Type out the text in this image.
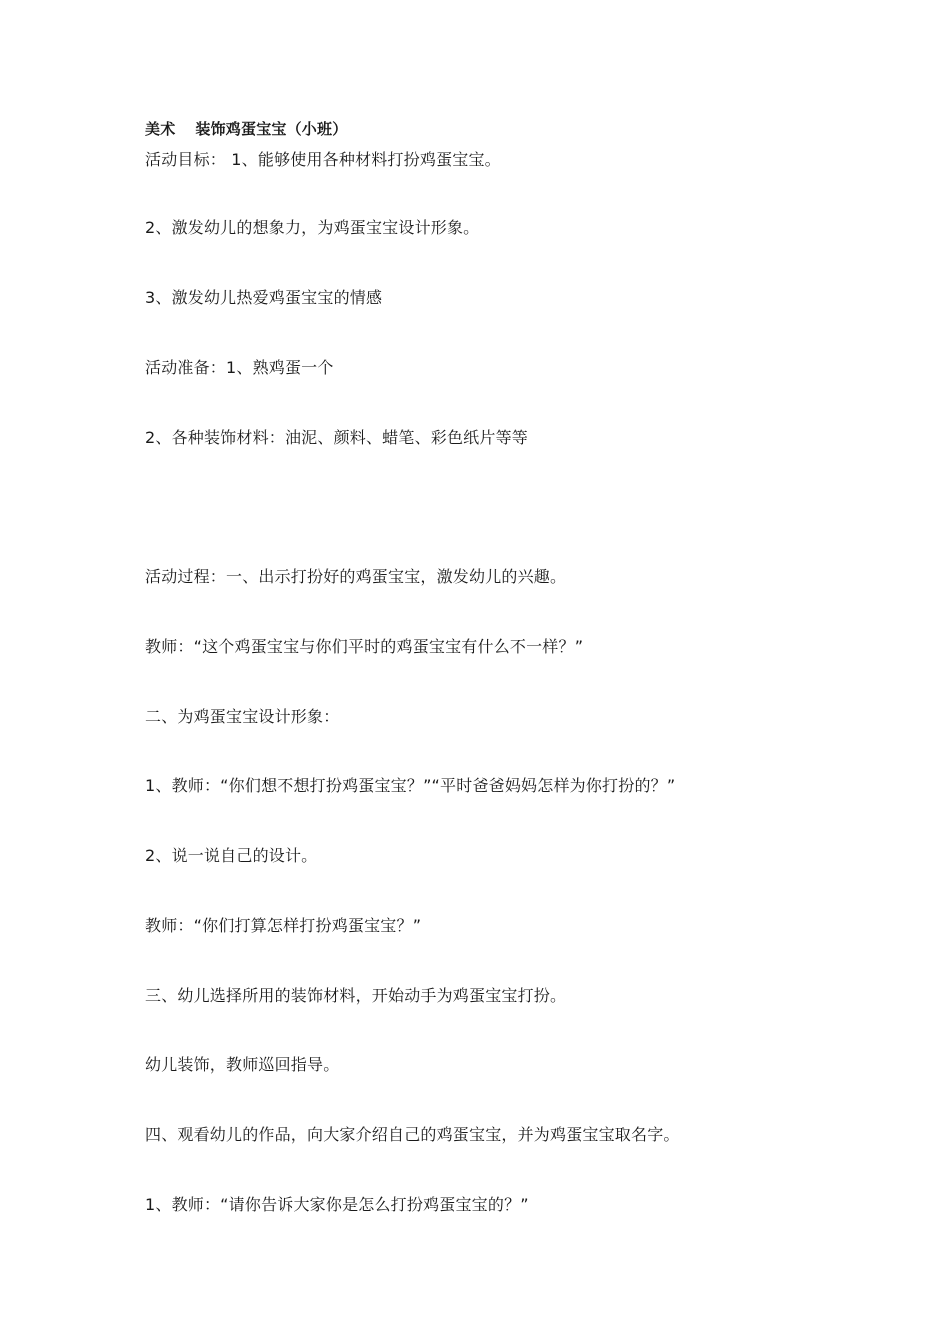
美术 装饰鸡蛋宝宝（小班）
活动目标： 1、能够使用各种材料打扮鸡蛋宝宝。
2、激发幼儿的想象力，为鸡蛋宝宝设计形象。
3、激发幼儿热爱鸡蛋宝宝的情感
活动准备：1、熟鸡蛋一个
2、各种装饰材料：油泥、颜料、蜡笔、彩色纸片等等
活动过程：一、出示打扮好的鸡蛋宝宝，激发幼儿的兴趣。
教师：“这个鸡蛋宝宝与你们平时的鸡蛋宝宝有什么不一样？”
二、为鸡蛋宝宝设计形象：
1、教师：“你们想不想打扮鸡蛋宝宝？”“平时爸爸妈妈怎样为你打扮的？”
2、说一说自己的设计。
教师：“你们打算怎样打扮鸡蛋宝宝？”
三、幼儿选择所用的装饰材料，开始动手为鸡蛋宝宝打扮。
幼儿装饰，教师巡回指导。
四、观看幼儿的作品，向大家介绍自己的鸡蛋宝宝，并为鸡蛋宝宝取名字。
1、教师：“请你告诉大家你是怎么打扮鸡蛋宝宝的？”
